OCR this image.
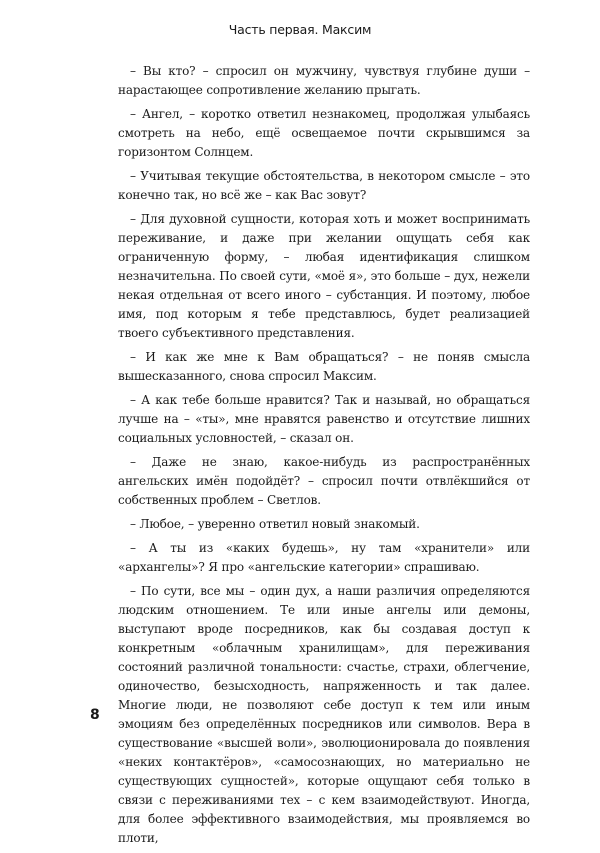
Часть первая. Максим

– Вы кто? – спросил он мужчину, чувствуя глубине души – нарастающее сопротивление желанию прыгать.

– Ангел, – коротко ответил незнакомец, продолжая улыбаясь смотреть на небо, ещё освещаемое почти скрывшимся за горизонтом Солнцем.

– Учитывая текущие обстоятельства, в некотором смысле – это конечно так, но всё же – как Вас зовут?

– Для духовной сущности, которая хоть и может воспринимать переживание, и даже при желании ощущать себя как ограниченную форму, – любая идентификация слишком незначительна. По своей сути, «моё я», это больше – дух, нежели некая отдельная от всего иного – субстанция. И поэтому, любое имя, под которым я тебе представлюсь, будет реализацией твоего субъективного представления.

– И как же мне к Вам обращаться? – не поняв смысла вышесказанного, снова спросил Максим.

– А как тебе больше нравится? Так и называй, но обращаться лучше на – «ты», мне нравятся равенство и отсутствие лишних социальных условностей, – сказал он.

– Даже не знаю, какое-нибудь из распространённых ангельских имён подойдёт? – спросил почти отвлёкшийся от собственных проблем – Светлов.

– Любое, – уверенно ответил новый знакомый.

– А ты из «каких будешь», ну там «хранители» или «архангелы»? Я про «ангельские категории» спрашиваю.

– По сути, все мы – один дух, а наши различия определяются людским отношением. Те или иные ангелы или демоны, выступают вроде посредников, как бы создавая доступ к конкретным «облачным хранилищам», для переживания состояний различной тональности: счастье, страхи, облегчение, одиночество, безысходность, напряженность и так далее. Многие люди, не позволяют себе доступ к тем или иным эмоциям без определённых посредников или символов. Вера в существование «высшей воли», эволюционировала до появления «неких контактёров», «самосознающих, но материально не существующих сущностей», которые ощущают себя только в связи с переживаниями тех – с кем взаимодействуют. Иногда, для более эффективного взаимодействия, мы проявляемся во плоти,

8
